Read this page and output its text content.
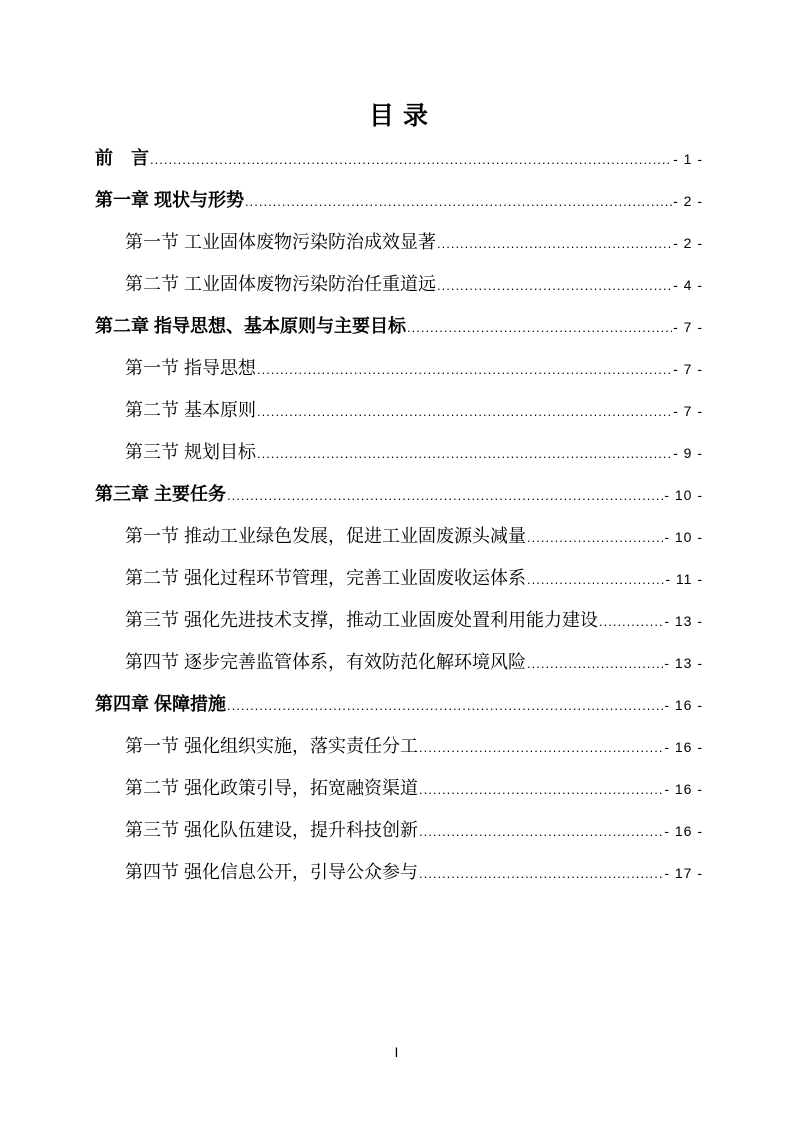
目 录
前　言 .....	- 1 -
第一章 现状与形势 .....	- 2 -
第一节 工业固体废物污染防治成效显著 .....	- 2 -
第二节 工业固体废物污染防治任重道远 .....	- 4 -
第二章 指导思想、基本原则与主要目标 .....	- 7 -
第一节 指导思想 .....	- 7 -
第二节 基本原则 .....	- 7 -
第三节 规划目标 .....	- 9 -
第三章 主要任务 .....	- 10 -
第一节 推动工业绿色发展，促进工业固废源头减量 .....	- 10 -
第二节 强化过程环节管理，完善工业固废收运体系 .....	- 11 -
第三节 强化先进技术支撑，推动工业固废处置利用能力建设 .....	- 13 -
第四节 逐步完善监管体系，有效防范化解环境风险 .....	- 13 -
第四章 保障措施 .....	- 16 -
第一节 强化组织实施，落实责任分工 .....	- 16 -
第二节 强化政策引导，拓宽融资渠道 .....	- 16 -
第三节 强化队伍建设，提升科技创新 .....	- 16 -
第四节 强化信息公开，引导公众参与 .....	- 17 -
I
